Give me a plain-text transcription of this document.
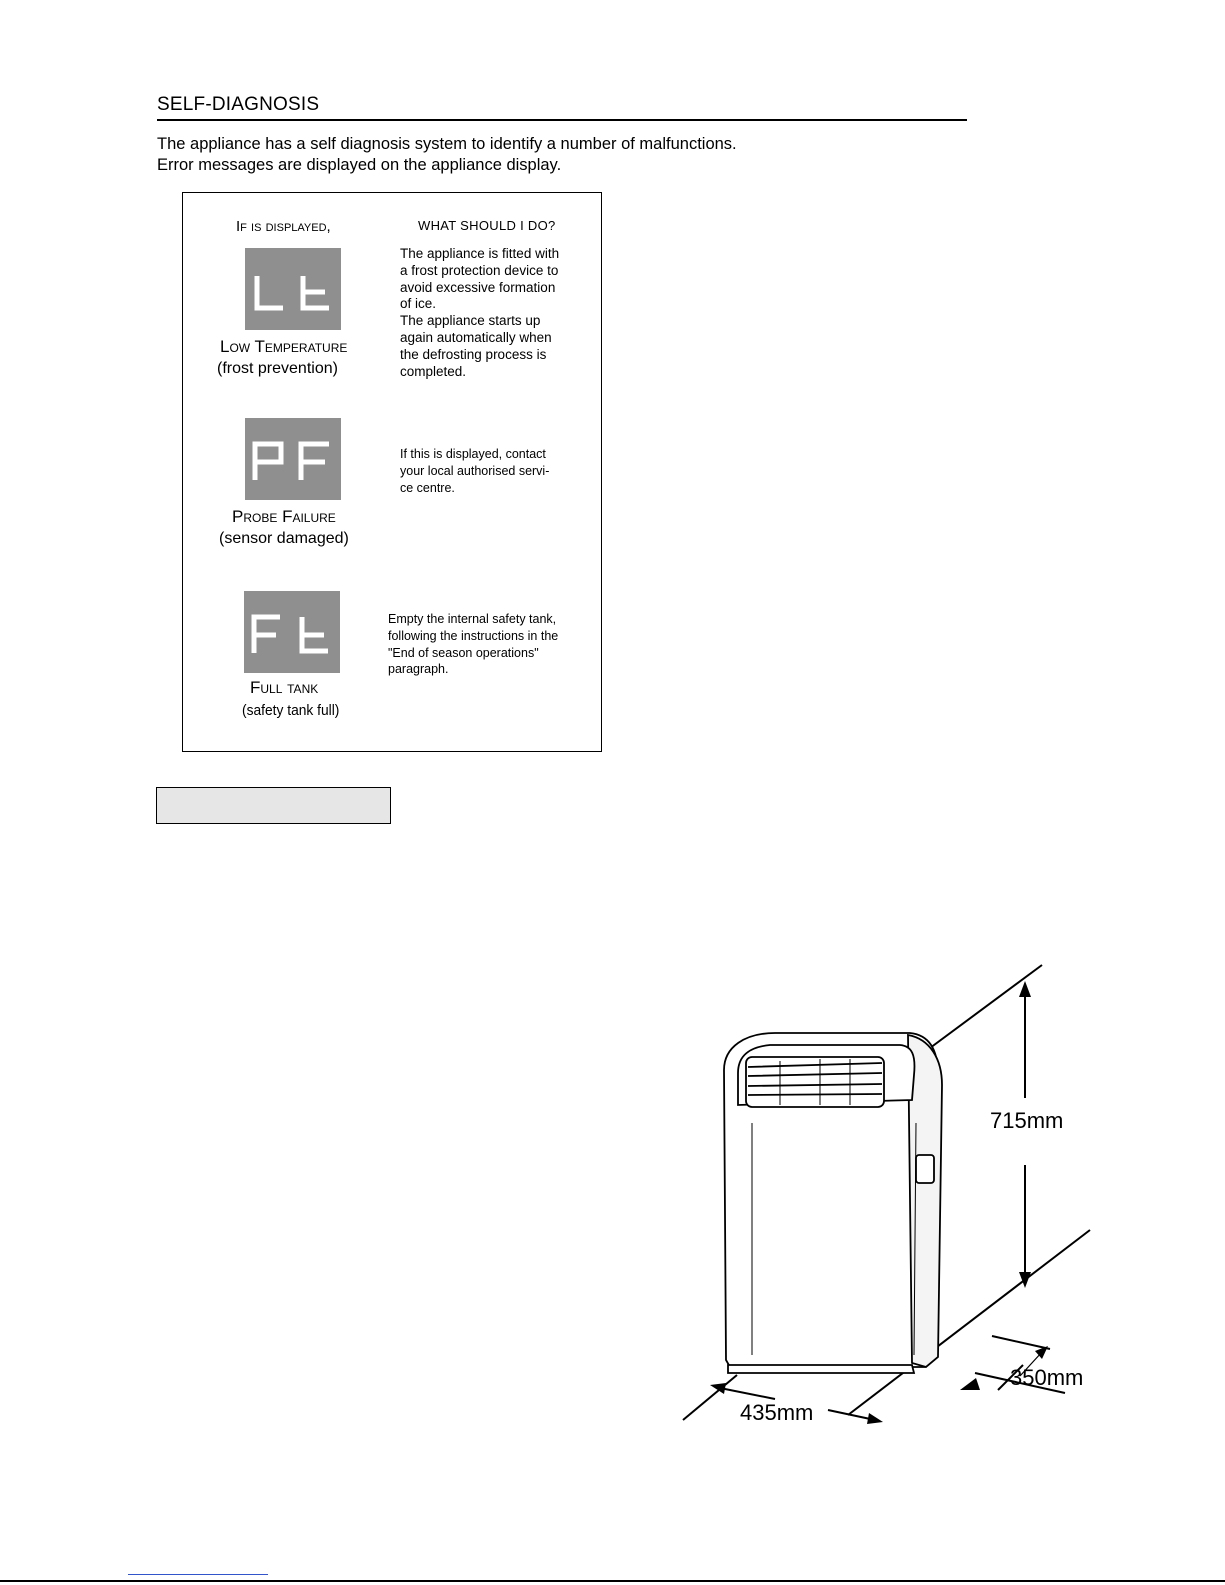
SELF-DIAGNOSIS

The appliance has a self diagnosis system to identify a number of malfunctions.

Error messages are displayed on the appliance display.

If is displayed,	WHAT SHOULD I DO?
Low Temperature
(frost prevention)

The appliance is fitted with

a frost protection device to

avoid excessive formation

of ice.

The appliance starts up

again automatically when

the defrosting process is

completed.

Probe Failure
(sensor damaged)

If this is displayed, contact

your local authorised servi-

ce centre.

Full tank
(safety tank full)

Empty the internal safety tank,

following the instructions in the

"End of season operations"

paragraph.

715mm
350mm
435mm
